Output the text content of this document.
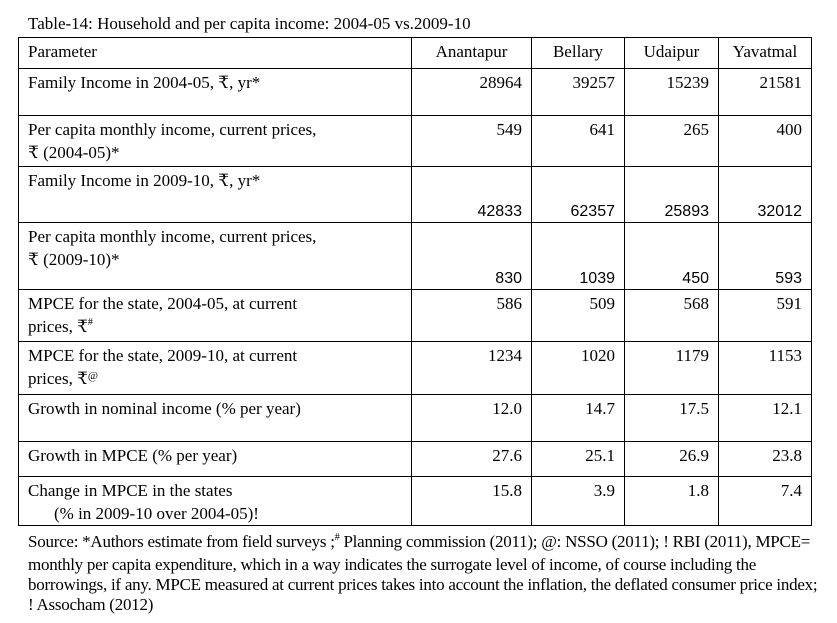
Table-14: Household and per capita income: 2004-05 vs.2009-10
Parameter	Anantapur	Bellary	Udaipur	Yavatmal
Family Income in 2004-05, ₹, yr*	28964	39257	15239	21581
Per capita monthly income, current prices,
₹ (2004-05)*	549	641	265	400
Family Income in 2009-10, ₹, yr*	42833	62357	25893	32012
Per capita monthly income, current prices,
₹ (2009-10)*	830	1039	450	593
MPCE for the state, 2004-05, at current
prices, ₹#	586	509	568	591
MPCE for the state, 2009-10, at current
prices, ₹@	1234	1020	1179	1153
Growth in nominal income (% per year)	12.0	14.7	17.5	12.1
Growth in MPCE (% per year)	27.6	25.1	26.9	23.8
Change in MPCE in the states
(% in 2009-10 over 2004-05)!	15.8	3.9	1.8	7.4
Source: *Authors estimate from field surveys ;# Planning commission (2011); @: NSSO (2011); ! RBI (2011), MPCE= monthly per capita expenditure, which in a way indicates the surrogate level of income, of course including the borrowings, if any. MPCE measured at current prices takes into account the inflation, the deflated consumer price index; ! Assocham (2012)
